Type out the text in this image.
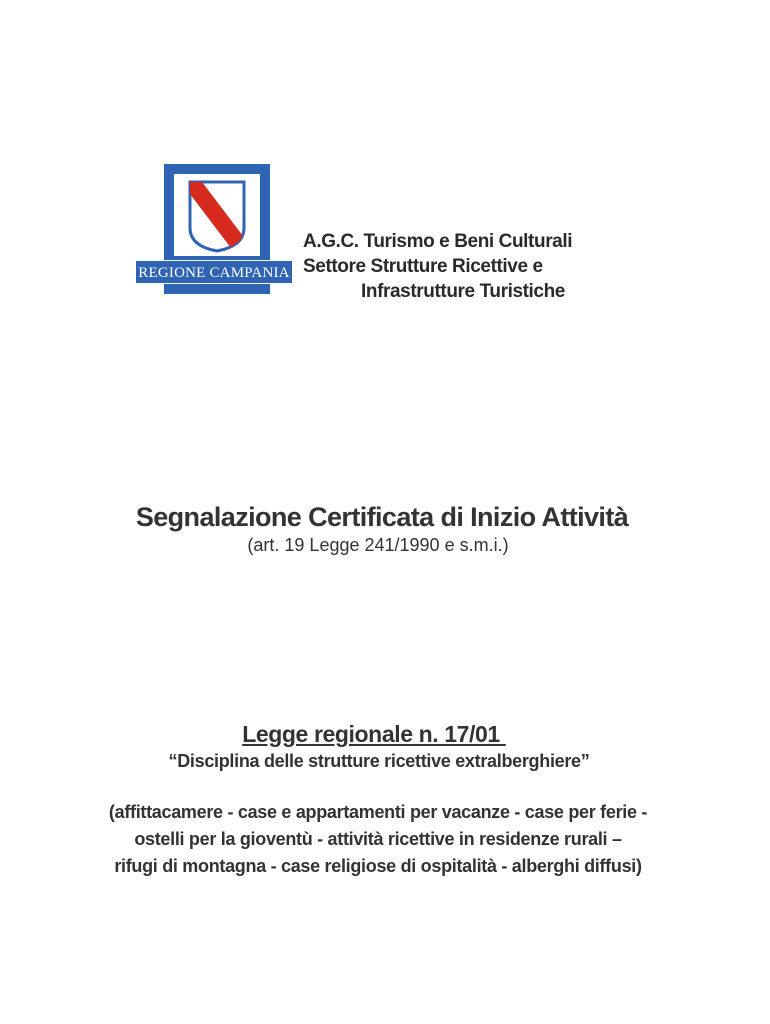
REGIONE CAMPANIA
A.G.C. Turismo e Beni Culturali
Settore Strutture Ricettive e
Infrastrutture Turistiche
Segnalazione Certificata di Inizio Attività
(art. 19 Legge 241/1990 e s.m.i.)
Legge regionale n. 17/01
“Disciplina delle strutture ricettive extralberghiere”
(affittacamere - case e appartamenti per vacanze - case per ferie -
ostelli per la gioventù - attività ricettive in residenze rurali –
rifugi di montagna - case religiose di ospitalità - alberghi diffusi)
